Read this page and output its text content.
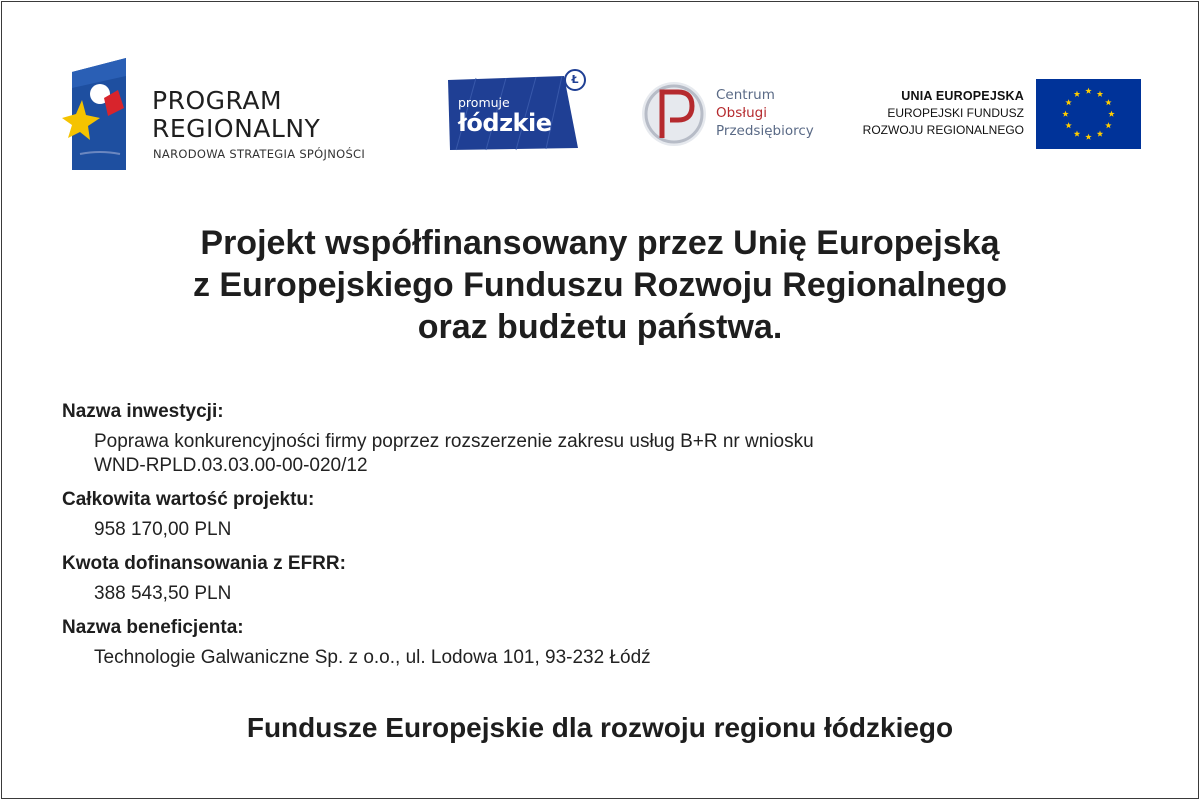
PROGRAM
REGIONALNY
NARODOWA STRATEGIA SPÓJNOŚCI
promuje
łódzkie
Ł
Centrum
Obsługi
Przedsiębiorcy
UNIA EUROPEJSKA
EUROPEJSKI FUNDUSZ
ROZWOJU REGIONALNEGO
Projekt współfinansowany przez Unię Europejską
z Europejskiego Funduszu Rozwoju Regionalnego
oraz budżetu państwa.
Nazwa inwestycji:
Poprawa konkurencyjności firmy poprzez rozszerzenie zakresu usług B+R nr wniosku
WND-RPLD.03.03.00-00-020/12
Całkowita wartość projektu:
958 170,00 PLN
Kwota dofinansowania z EFRR:
388 543,50 PLN
Nazwa beneficjenta:
Technologie Galwaniczne Sp. z o.o., ul. Lodowa 101, 93-232 Łódź
Fundusze Europejskie dla rozwoju regionu łódzkiego
